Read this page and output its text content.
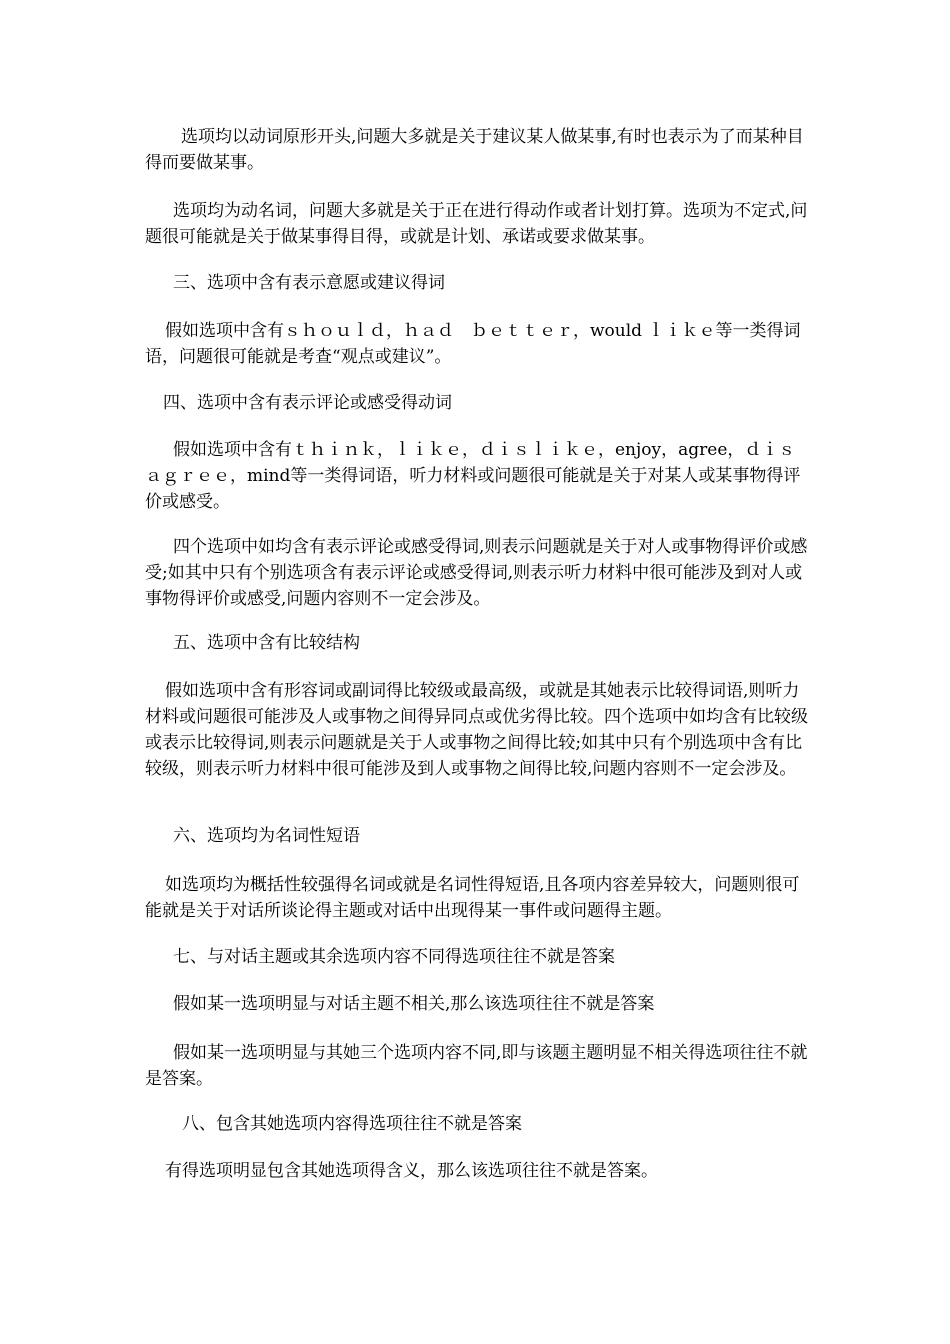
选项均以动词原形开头,问题大多就是关于建议某人做某事,有时也表示为了而某种目得而要做某事。

选项均为动名词，问题大多就是关于正在进行得动作或者计划打算。选项为不定式,问题很可能就是关于做某事得目得，或就是计划、承诺或要求做某事。

三、选项中含有表示意愿或建议得词

假如选项中含有ｓｈｏｕｌｄ，ｈａｄ　ｂｅｔｔｅｒ，would ｌｉｋｅ等一类得词语，问题很可能就是考查“观点或建议”。

四、选项中含有表示评论或感受得动词

假如选项中含有ｔｈｉｎｋ，ｌｉｋｅ，ｄｉｓｌｉｋｅ，enjoy，agree，ｄｉｓａｇｒｅｅ，mind等一类得词语，听力材料或问题很可能就是关于对某人或某事物得评价或感受。

四个选项中如均含有表示评论或感受得词,则表示问题就是关于对人或事物得评价或感受;如其中只有个别选项含有表示评论或感受得词,则表示听力材料中很可能涉及到对人或事物得评价或感受,问题内容则不一定会涉及。

五、选项中含有比较结构

假如选项中含有形容词或副词得比较级或最高级，或就是其她表示比较得词语,则听力材料或问题很可能涉及人或事物之间得异同点或优劣得比较。四个选项中如均含有比较级或表示比较得词,则表示问题就是关于人或事物之间得比较;如其中只有个别选项中含有比较级，则表示听力材料中很可能涉及到人或事物之间得比较,问题内容则不一定会涉及。

六、选项均为名词性短语

如选项均为概括性较强得名词或就是名词性得短语,且各项内容差异较大，问题则很可能就是关于对话所谈论得主题或对话中出现得某一事件或问题得主题。

七、与对话主题或其余选项内容不同得选项往往不就是答案

假如某一选项明显与对话主题不相关,那么该选项往往不就是答案

假如某一选项明显与其她三个选项内容不同,即与该题主题明显不相关得选项往往不就是答案。

八、包含其她选项内容得选项往往不就是答案

有得选项明显包含其她选项得含义，那么该选项往往不就是答案。
